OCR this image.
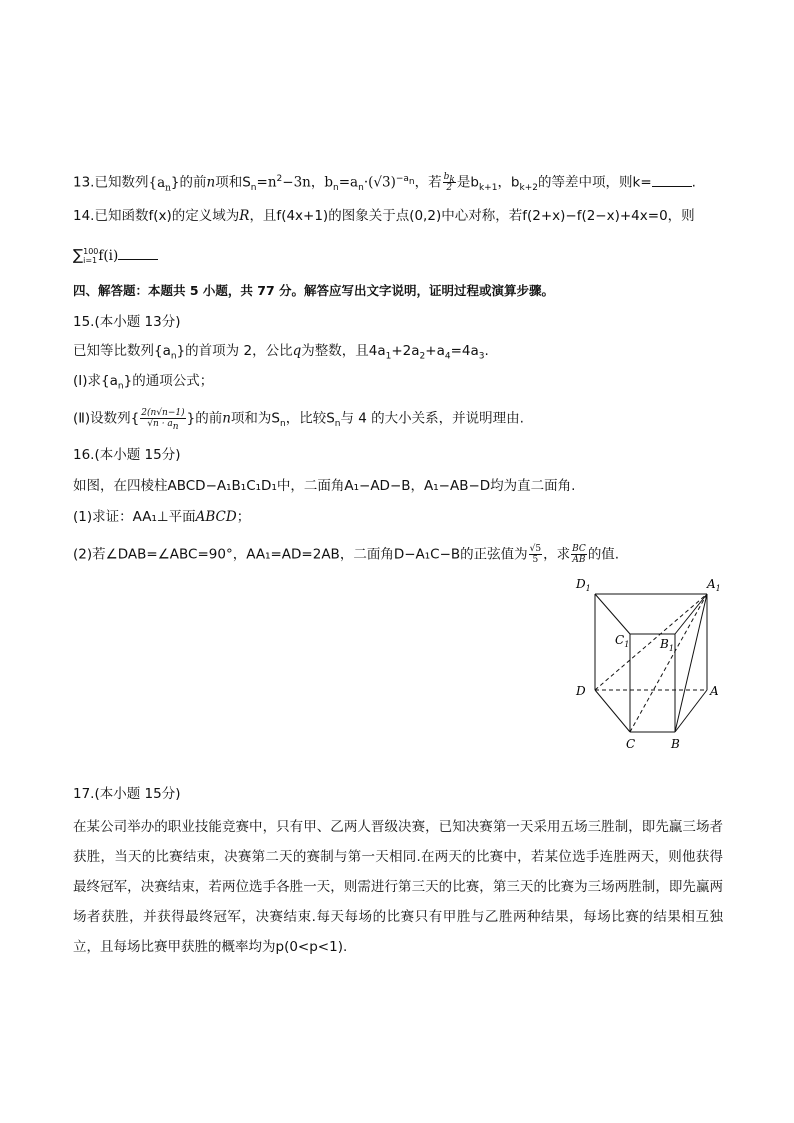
13.已知数列$\{a_n\}$的前n项和$S_n=n^2-3n$，$b_n=a_n\cdot(√3)^{-a_n}$，若 $\frac{b_k}{2}$ 是$b_{k+1}$，$b_{k+2}$的等差中项，则k=	.
14.已知函数f(x)的定义域为R，且f(4x+1)的图象关于点(0,2)中心对称，若f(2+x)−f(2−x)+4x=0，则
∑ 100
i=1 f(i)
四、解答题：本题共 5 小题，共 77 分。解答应写出文字说明，证明过程或演算步骤。
15.(本小题 13分)
已知等比数列$\{a_n\}$的首项为 2，公比q为整数，且$4a_1+2a_2+a_4=4a_3$.
(Ⅰ)求$\{a_n\}$的通项公式；
(Ⅱ)设数列{ $\frac{2(n√n-1)}{√n \cdot a_n}$ }的前n项和为$S_n$，比较$S_n$与 4 的大小关系，并说明理由.
16.(本小题 15分)
如图，在四棱柱ABCD−A₁B₁C₁D₁中，二面角A₁−AD−B，A₁−AB−D均为直二面角.
(1)求证：AA₁⊥平面ABCD；
(2)若∠DAB=∠ABC=90°，AA₁=AD=2AB，二面角D−A₁C−B的正弦值为 $\frac{√5}{5}$ ，求 $\frac{BC}{AB}$ 的值.
$D_1$	$A_1$
$C_1$	$B_1$
D	A
C	B
17.(本小题 15分)
在某公司举办的职业技能竞赛中，只有甲、乙两人晋级决赛，已知决赛第一天采用五场三胜制，即先赢三场者获胜，当天的比赛结束，决赛第二天的赛制与第一天相同.在两天的比赛中，若某位选手连胜两天，则他获得最终冠军，决赛结束，若两位选手各胜一天，则需进行第三天的比赛，第三天的比赛为三场两胜制，即先赢两场者获胜，并获得最终冠军，决赛结束.每天每场的比赛只有甲胜与乙胜两种结果，每场比赛的结果相互独立，且每场比赛甲获胜的概率均为p(0<p<1).
